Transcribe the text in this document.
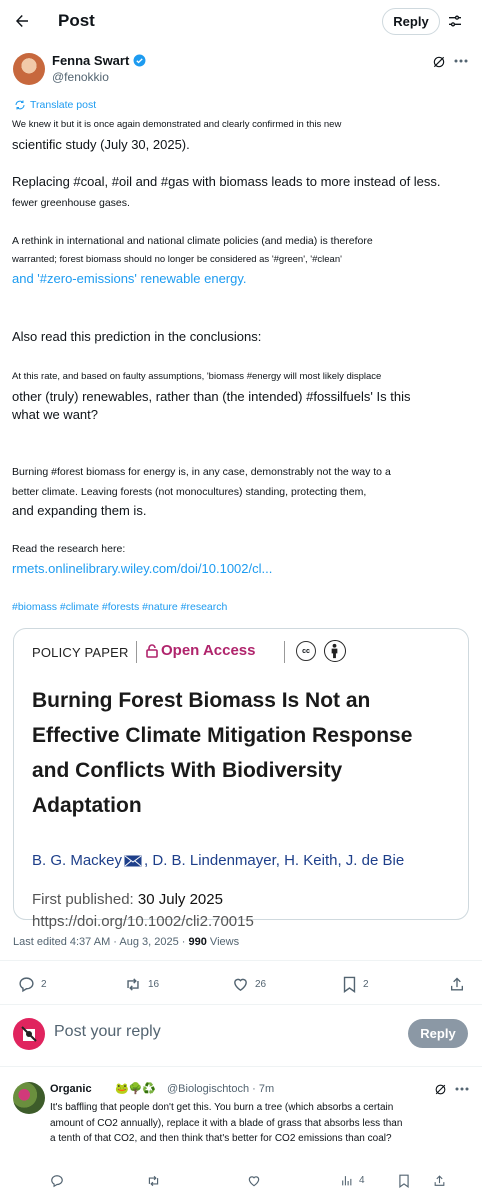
Post	Reply
Fenna Swart
@fenokkio
Translate post
We knew it but it is once again demonstrated and clearly confirmed in this new
scientific study (July 30, 2025).
Replacing #coal, #oil and #gas with biomass leads to more instead of less.
fewer greenhouse gases.
A rethink in international and national climate policies (and media) is therefore
warranted; forest biomass should no longer be considered as '#green', '#clean'
and '#zero-emissions' renewable energy.
Also read this prediction in the conclusions:
At this rate, and based on faulty assumptions, 'biomass #energy will most likely displace
other (truly) renewables, rather than (the intended) #fossilfuels' Is this
what we want?
Burning #forest biomass for energy is, in any case, demonstrably not the way to a
better climate. Leaving forests (not monocultures) standing, protecting them,
and expanding them is.
Read the research here:
rmets.onlinelibrary.wiley.com/doi/10.1002/cl...
#biomass #climate #forests #nature #research
POLICY PAPER Open Access	cc
Burning Forest Biomass Is Not an
Effective Climate Mitigation Response
and Conflicts With Biodiversity
Adaptation
B. G. Mackey , D. B. Lindenmayer, H. Keith, J. de Bie
First published: 30 July 2025
https://doi.org/10.1002/cli2.70015
Last edited 4:37 AM · Aug 3, 2025 · 990 Views
2	16	26	2
Post your reply	Reply
Organic 🐸🌳♻️ @Biologischtoch · 7m
It's baffling that people don't get this. You burn a tree (which absorbs a certain
amount of CO2 annually), replace it with a blade of grass that absorbs less than
a tenth of that CO2, and then think that's better for CO2 emissions than coal?
4
